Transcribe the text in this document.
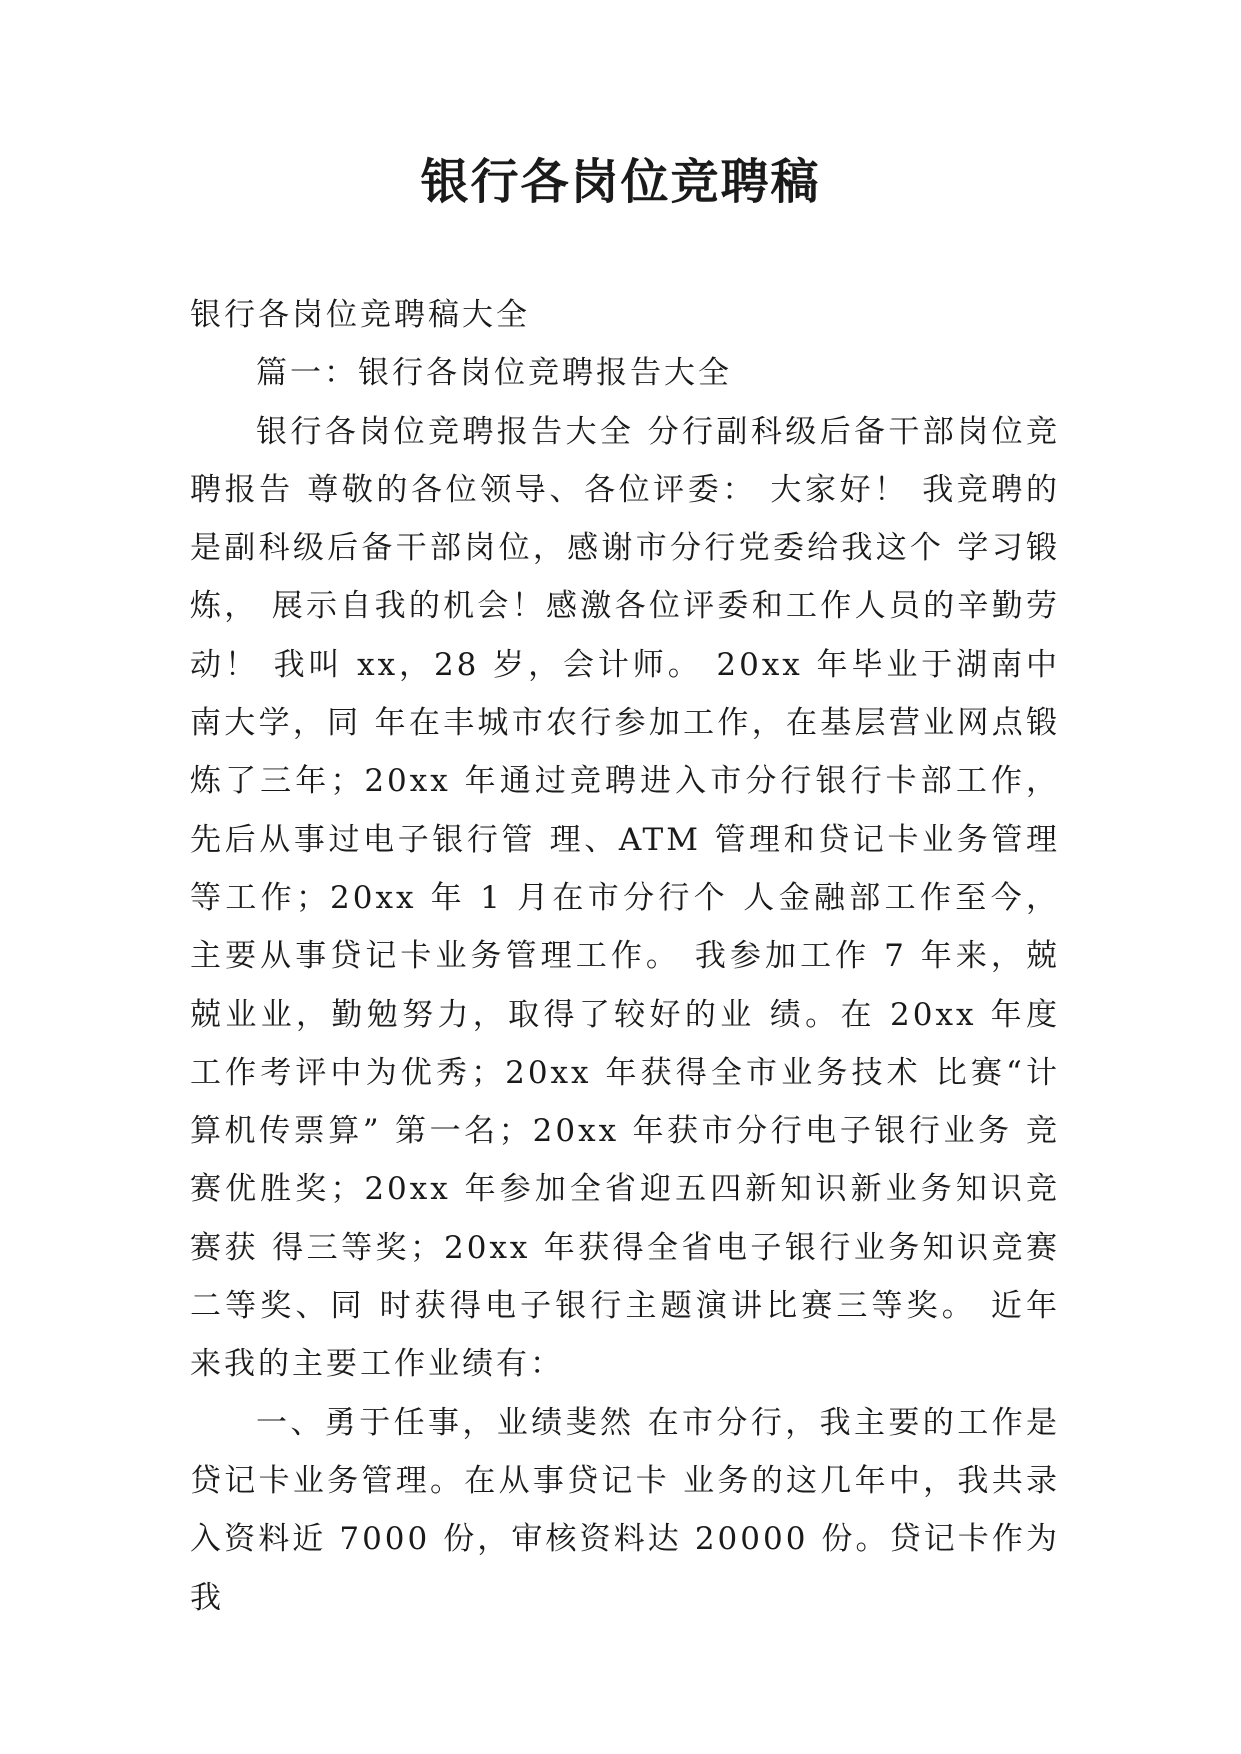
银行各岗位竞聘稿

银行各岗位竞聘稿大全

篇一：银行各岗位竞聘报告大全

银行各岗位竞聘报告大全 分行副科级后备干部岗位竞聘报告 尊敬的各位领导、各位评委： 大家好！ 我竞聘的是副科级后备干部岗位，感谢市分行党委给我这个 学习锻炼， 展示自我的机会！感激各位评委和工作人员的辛勤劳动！ 我叫 xx，28 岁，会计师。 20xx 年毕业于湖南中南大学，同 年在丰城市农行参加工作，在基层营业网点锻炼了三年；20xx 年通过竞聘进入市分行银行卡部工作，先后从事过电子银行管 理、ATM 管理和贷记卡业务管理等工作；20xx 年 1 月在市分行个 人金融部工作至今，主要从事贷记卡业务管理工作。 我参加工作 7 年来，兢兢业业，勤勉努力，取得了较好的业 绩。在 20xx 年度工作考评中为优秀；20xx 年获得全市业务技术 比赛“计算机传票算” 第一名；20xx 年获市分行电子银行业务 竞赛优胜奖；20xx 年参加全省迎五四新知识新业务知识竞赛获 得三等奖；20xx 年获得全省电子银行业务知识竞赛二等奖、同 时获得电子银行主题演讲比赛三等奖。 近年来我的主要工作业绩有：

一、勇于任事，业绩斐然 在市分行，我主要的工作是贷记卡业务管理。在从事贷记卡 业务的这几年中，我共录入资料近 7000 份，审核资料达 20000 份。贷记卡作为我
